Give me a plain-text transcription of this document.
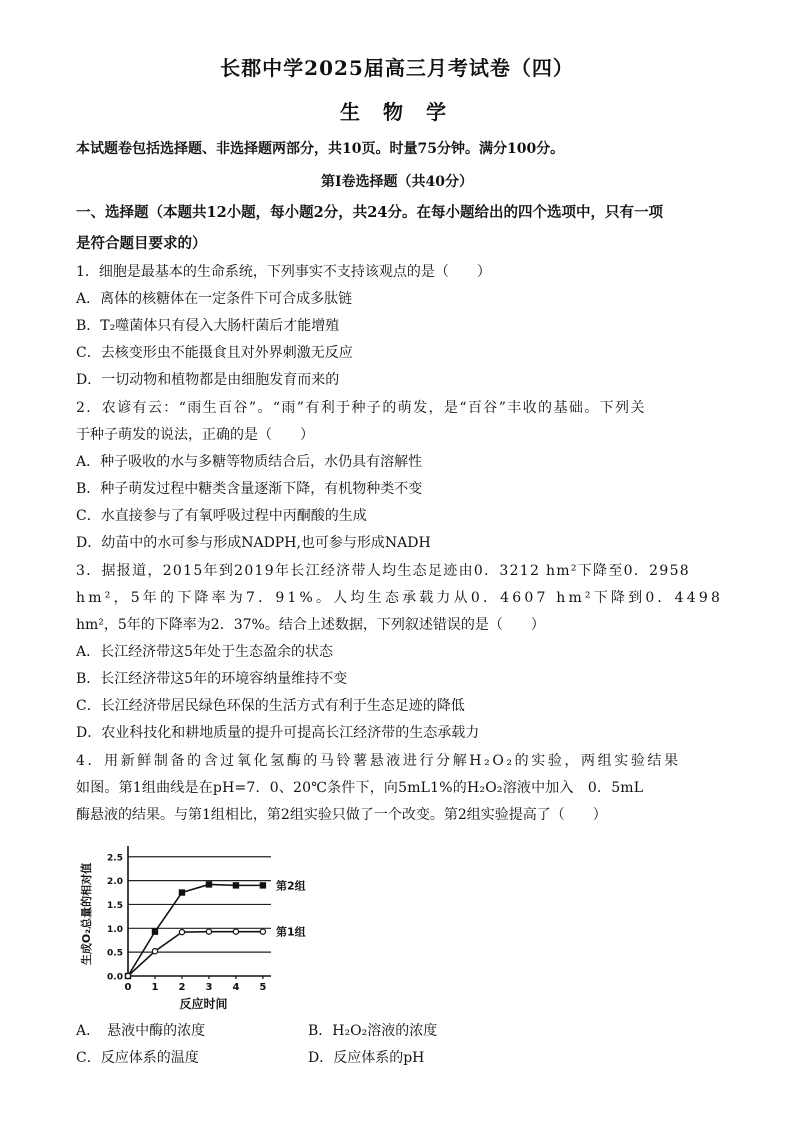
长郡中学2025届高三月考试卷（四）
生 物 学
本试题卷包括选择题、非选择题两部分，共10页。时量75分钟。满分100分。
第Ⅰ卷选择题（共40分）
一、选择题（本题共12小题，每小题2分，共24分。在每小题给出的四个选项中，只有一项
是符合题目要求的）
1．细胞是最基本的生命系统，下列事实不支持该观点的是（　　）
A．离体的核糖体在一定条件下可合成多肽链
B．T₂噬菌体只有侵入大肠杆菌后才能增殖
C．去核变形虫不能摄食且对外界刺激无反应
D．一切动物和植物都是由细胞发育而来的
2．农谚有云：“雨生百谷”。“雨”有利于种子的萌发，是“百谷”丰收的基础。下列关
于种子萌发的说法，正确的是（　　）
A．种子吸收的水与多糖等物质结合后，水仍具有溶解性
B．种子萌发过程中糖类含量逐渐下降，有机物种类不变
C．水直接参与了有氧呼吸过程中丙酮酸的生成
D．幼苗中的水可参与形成NADPH,也可参与形成NADH
3．据报道，2015年到2019年长江经济带人均生态足迹由0．3212 hm²下降至0．2958
hm²，5年的下降率为7．91%。人均生态承载力从0．4607 hm²下降到0．4498
hm²，5年的下降率为2．37%。结合上述数据，下列叙述错误的是（　　）
A．长江经济带这5年处于生态盈余的状态
B．长江经济带这5年的环境容纳量维持不变
C．长江经济带居民绿色环保的生活方式有利于生态足迹的降低
D．农业科技化和耕地质量的提升可提高长江经济带的生态承载力
4．用新鲜制备的含过氧化氢酶的马铃薯悬液进行分解H₂O₂的实验，两组实验结果
如图。第1组曲线是在pH=7．0、20℃条件下，向5mL1%的H₂O₂溶液中加入　0．5mL
酶悬液的结果。与第1组相比，第2组实验只做了一个改变。第2组实验提高了（　　）
0.0
0.5
1.0
1.5
2.0
2.5
0 1 2 3 4 5
反应时间
生成O₂总量的相对值	第2组
第1组
A．　悬液中酶的浓度	B．H₂O₂溶液的浓度
C．反应体系的温度	D．反应体系的pH
